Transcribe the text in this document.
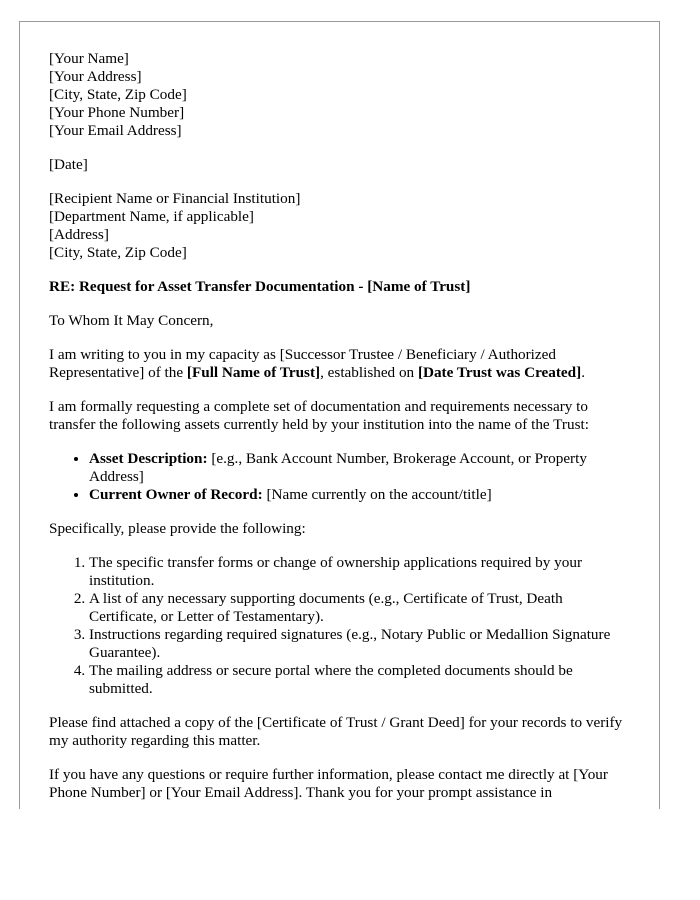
[Your Name]
[Your Address]
[City, State, Zip Code]
[Your Phone Number]
[Your Email Address]
[Date]
[Recipient Name or Financial Institution]
[Department Name, if applicable]
[Address]
[City, State, Zip Code]

RE: Request for Asset Transfer Documentation - [Name of Trust]

To Whom It May Concern,

I am writing to you in my capacity as [Successor Trustee / Beneficiary / Authorized Representative] of the [Full Name of Trust], established on [Date Trust was Created].

I am formally requesting a complete set of documentation and requirements necessary to transfer the following assets currently held by your institution into the name of the Trust:

• Asset Description: [e.g., Bank Account Number, Brokerage Account, or Property Address]
• Current Owner of Record: [Name currently on the account/title]

Specifically, please provide the following:

1. The specific transfer forms or change of ownership applications required by your institution.
2. A list of any necessary supporting documents (e.g., Certificate of Trust, Death Certificate, or Letter of Testamentary).
3. Instructions regarding required signatures (e.g., Notary Public or Medallion Signature Guarantee).
4. The mailing address or secure portal where the completed documents should be submitted.

Please find attached a copy of the [Certificate of Trust / Grant Deed] for your records to verify my authority regarding this matter.

If you have any questions or require further information, please contact me directly at [Your Phone Number] or [Your Email Address]. Thank you for your prompt assistance in
